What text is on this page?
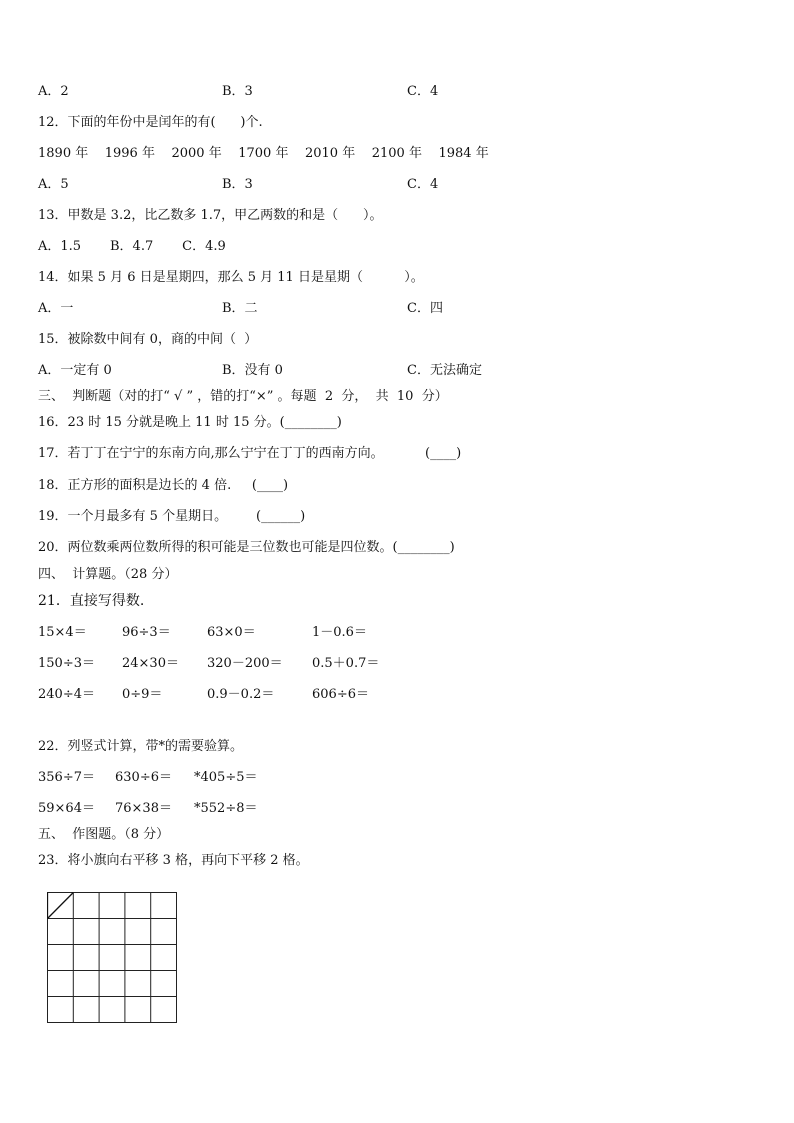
A．2	B．3	C．4
12．下面的年份中是闰年的有(      )个.
1890 年    1996 年    2000 年    1700 年    2010 年    2100 年    1984 年
A．5	B．3	C．4
13．甲数是 3.2，比乙数多 1.7，甲乙两数的和是（      ）。
A．1.5       B．4.7       C．4.9
14．如果 5 月 6 日是星期四，那么 5 月 11 日是星期（          ）。
A．一	B．二	C．四
15．被除数中间有 0，商的中间（  ）
A．一定有 0	B．没有 0	C．无法确定
三、  判断题（对的打“ √ ” ，错的打“×” 。每题  2  分，  共  10  分）
16．23 时 15 分就是晚上 11 时 15 分。(________)
17．若丁丁在宁宁的东南方向,那么宁宁在丁丁的西南方向。          (____)
18．正方形的面积是边长的 4 倍.     (____)
19．一个月最多有 5 个星期日。       (______)
20．两位数乘两位数所得的积可能是三位数也可能是四位数。(________)
四、  计算题。（28 分）
21．直接写得数.
15×4＝	96÷3＝	63×0＝	1－0.6＝
150÷3＝ 24×30＝ 320－200＝ 0.5＋0.7＝
240÷4＝ 0÷9＝	0.9－0.2＝	606÷6＝
22．列竖式计算，带*的需要验算。
356÷7＝ 630÷6＝ *405÷5＝
59×64＝ 76×38＝ *552÷8＝
五、  作图题。（8 分）
23．将小旗向右平移 3 格，再向下平移 2 格。
